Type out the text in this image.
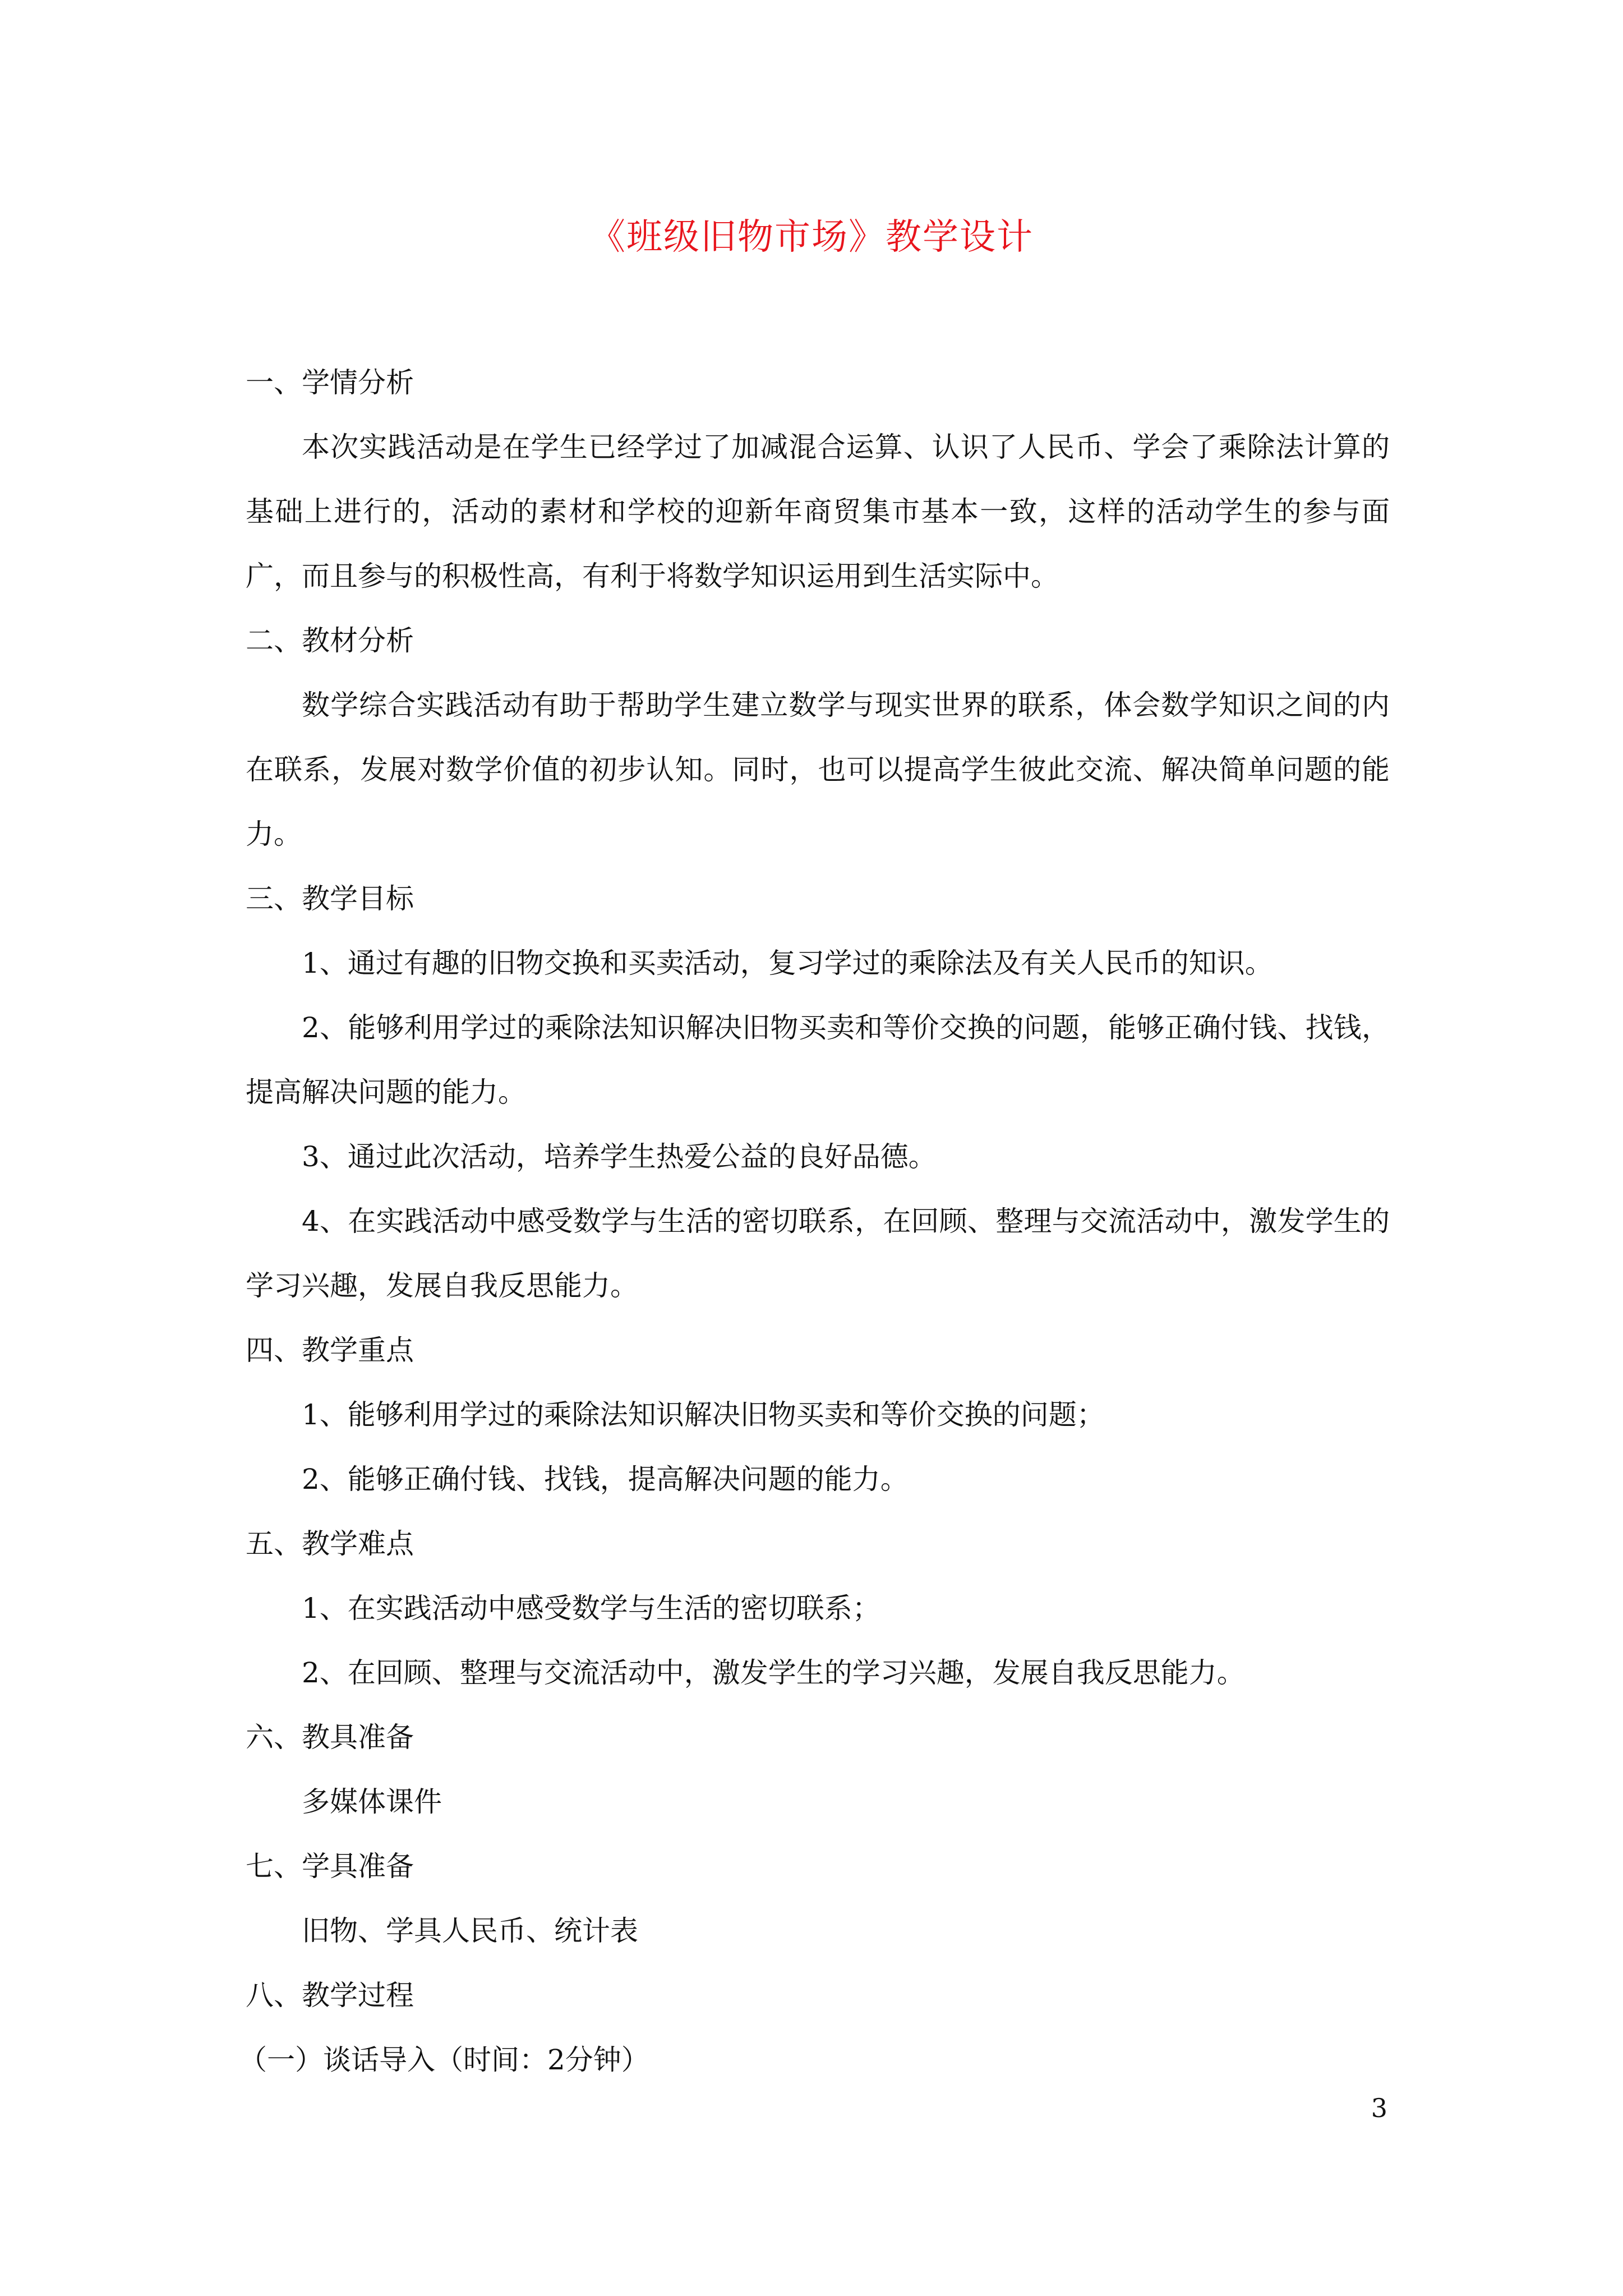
《班级旧物市场》教学设计

一、学情分析

本次实践活动是在学生已经学过了加减混合运算、认识了人民币、学会了乘除法计算的基础上进行的，活动的素材和学校的迎新年商贸集市基本一致，这样的活动学生的参与面广，而且参与的积极性高，有利于将数学知识运用到生活实际中。

二、教材分析

数学综合实践活动有助于帮助学生建立数学与现实世界的联系，体会数学知识之间的内在联系，发展对数学价值的初步认知。同时，也可以提高学生彼此交流、解决简单问题的能力。

三、教学目标

1、通过有趣的旧物交换和买卖活动，复习学过的乘除法及有关人民币的知识。

2、能够利用学过的乘除法知识解决旧物买卖和等价交换的问题，能够正确付钱、找钱，提高解决问题的能力。

3、通过此次活动，培养学生热爱公益的良好品德。

4、在实践活动中感受数学与生活的密切联系，在回顾、整理与交流活动中，激发学生的学习兴趣，发展自我反思能力。

四、教学重点

1、能够利用学过的乘除法知识解决旧物买卖和等价交换的问题；

2、能够正确付钱、找钱，提高解决问题的能力。

五、教学难点

1、在实践活动中感受数学与生活的密切联系；

2、在回顾、整理与交流活动中，激发学生的学习兴趣，发展自我反思能力。

六、教具准备

多媒体课件

七、学具准备

旧物、学具人民币、统计表

八、教学过程

（一）谈话导入（时间：2分钟）

3
